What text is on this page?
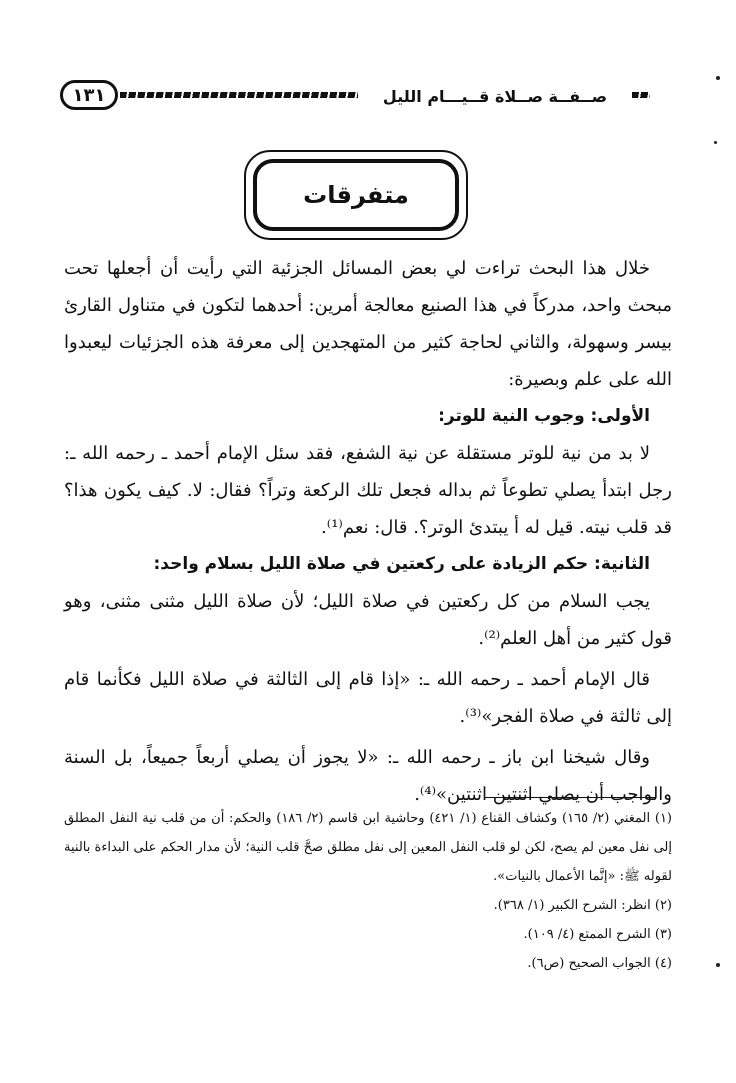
١٣١	صــفــة صــلاة قــيـــام الليل
متفرقات

خلال هذا البحث تراءت لي بعض المسائل الجزئية التي رأيت أن أجعلها تحت مبحث واحد، مدركاً في هذا الصنيع معالجة أمرين: أحدهما لتكون في متناول القارئ بيسر وسهولة، والثاني لحاجة كثير من المتهجدين إلى معرفة هذه الجزئيات ليعبدوا الله على علم وبصيرة:

الأولى: وجوب النية للوتر:

لا بد من نية للوتر مستقلة عن نية الشفع، فقد سئل الإمام أحمد ـ رحمه الله ـ: رجل ابتدأ يصلي تطوعاً ثم بداله فجعل تلك الركعة وتراً؟ فقال: لا. كيف يكون هذا؟ قد قلب نيته. قيل له أ يبتدئ الوتر؟. قال: نعم⁽¹⁾.

الثانية: حكم الزيادة على ركعتين في صلاة الليل بسلام واحد:

يجب السلام من كل ركعتين في صلاة الليل؛ لأن صلاة الليل مثنى مثنى، وهو قول كثير من أهل العلم⁽²⁾.

قال الإمام أحمد ـ رحمه الله ـ: «إذا قام إلى الثالثة في صلاة الليل فكأنما قام إلى ثالثة في صلاة الفجر»⁽³⁾.

وقال شيخنا ابن باز ـ رحمه الله ـ: «لا يجوز أن يصلي أربعاً جميعاً، بل السنة والواجب أن يصلي اثنتين اثنتين»⁽⁴⁾.

(١) المغني (٢/ ١٦٥) وكشاف القناع (١/ ٤٢١) وحاشية ابن قاسم (٢/ ١٨٦) والحكم: أن من قلب نية النفل المطلق إلى نفل معين لم يصح، لكن لو قلب النفل المعين إلى نفل مطلق صحَّ قلب النية؛ لأن مدار الحكم على البداءة بالنية لقوله ﷺ: «إنَّما الأعمال بالنيات».

(٢) انظر: الشرح الكبير (١/ ٣٦٨).

(٣) الشرح الممتع (٤/ ١٠٩).

(٤) الجواب الصحيح (ص٦).
